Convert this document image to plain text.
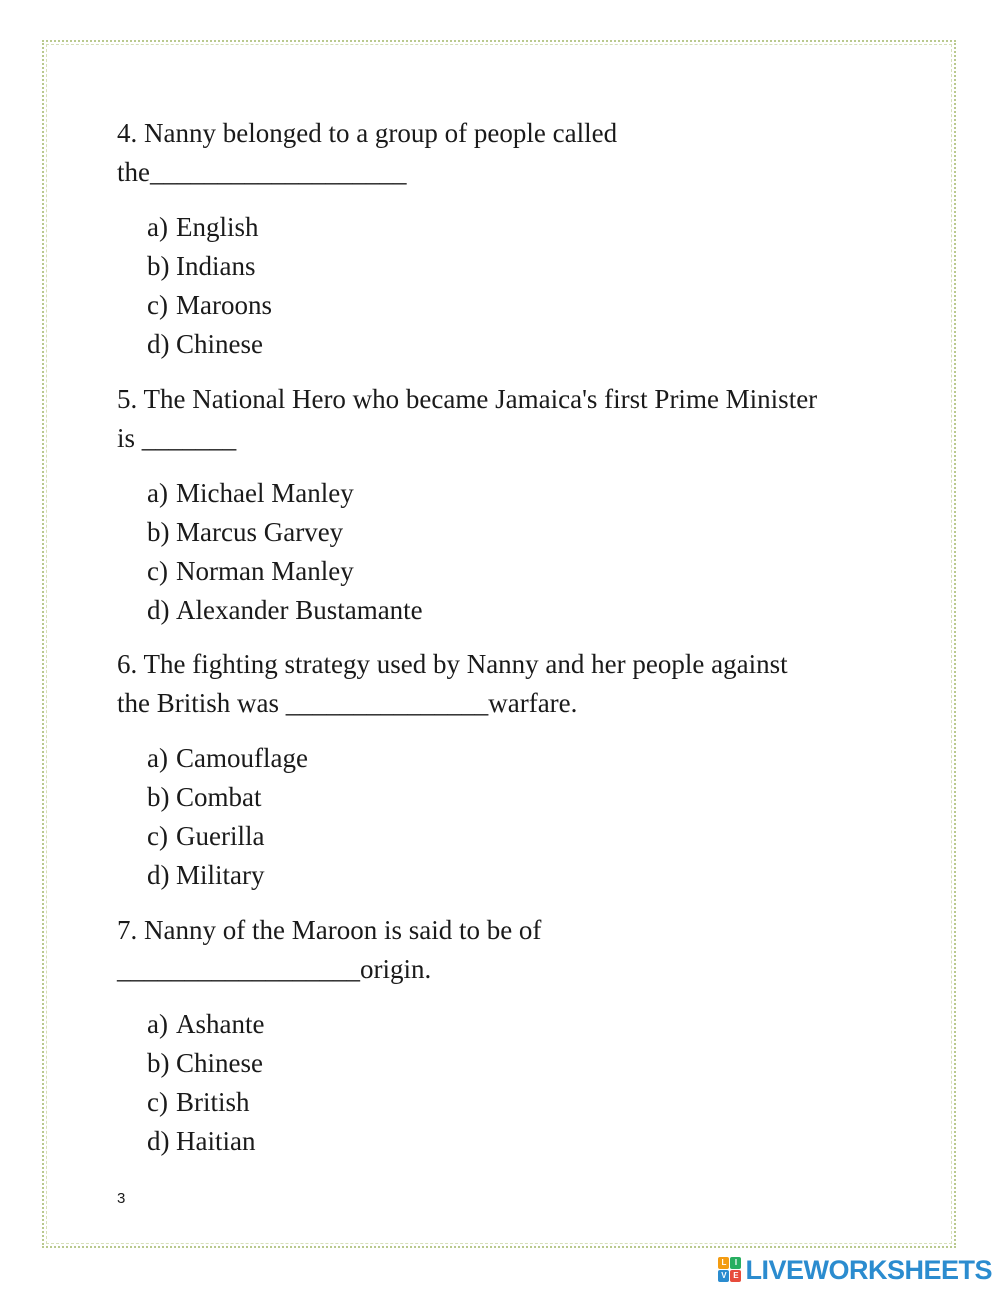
4. Nanny belonged to a group of people called
the___________________

a) English
b) Indians
c) Maroons
d) Chinese

5. The National Hero who became Jamaica's first Prime Minister
is _______

a) Michael Manley
b) Marcus Garvey
c) Norman Manley
d) Alexander Bustamante

6. The fighting strategy used by Nanny and her people against
the British was _______________warfare.

a) Camouflage
b) Combat
c) Guerilla
d) Military

7. Nanny of the Maroon is said to be of
__________________origin.

a) Ashante
b) Chinese
c) British
d) Haitian
3
L	I
V E LIVEWORKSHEETS
